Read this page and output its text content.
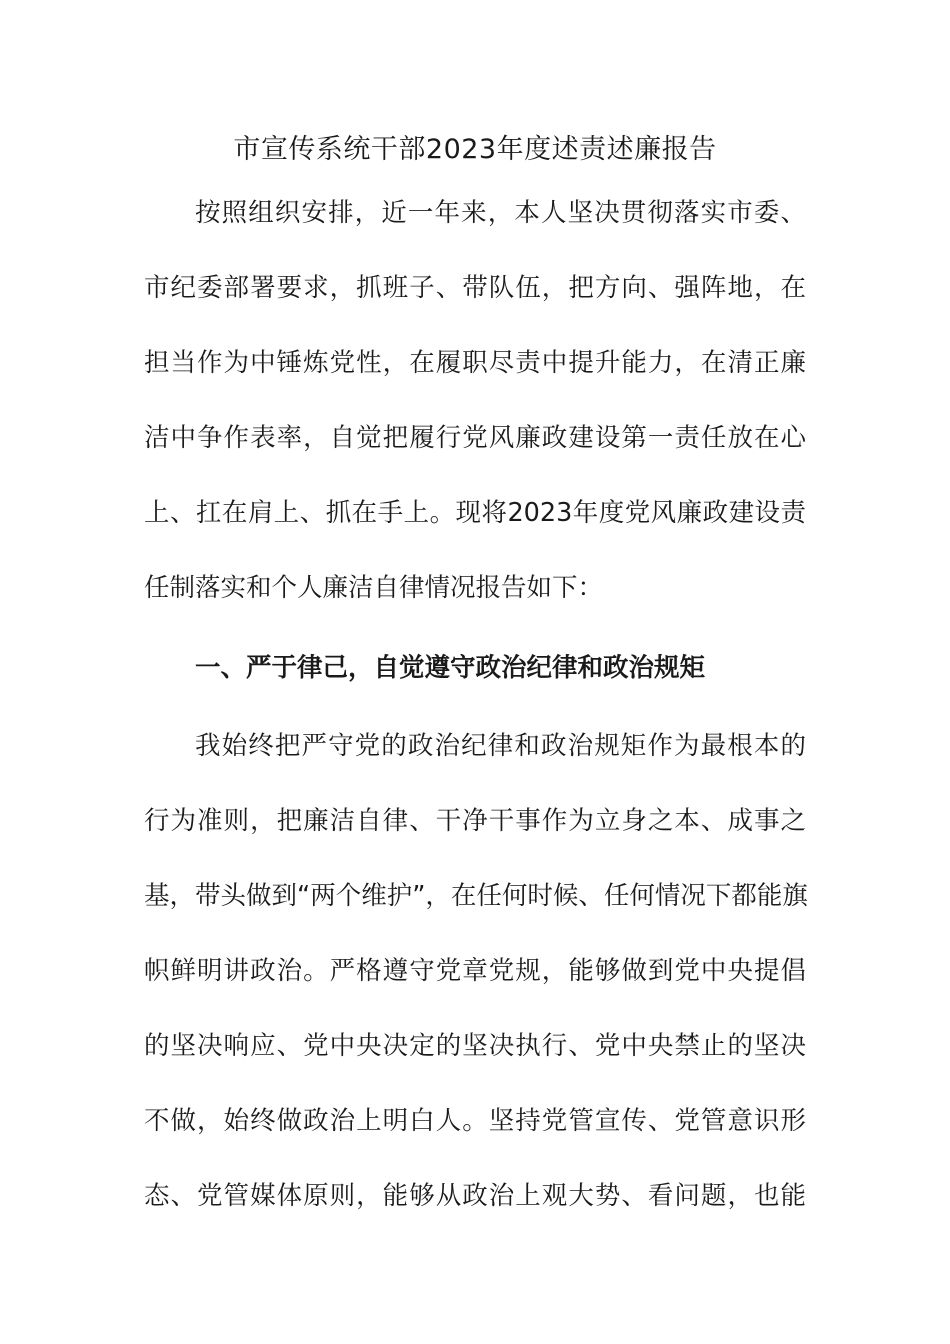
市宣传系统干部2023年度述责述廉报告
按照组织安排，近一年来，本人坚决贯彻落实市委、
市纪委部署要求，抓班子、带队伍，把方向、强阵地，在
担当作为中锤炼党性，在履职尽责中提升能力，在清正廉
洁中争作表率，自觉把履行党风廉政建设第一责任放在心
上、扛在肩上、抓在手上。现将2023年度党风廉政建设责
任制落实和个人廉洁自律情况报告如下：
一、严于律己，自觉遵守政治纪律和政治规矩
我始终把严守党的政治纪律和政治规矩作为最根本的
行为准则，把廉洁自律、干净干事作为立身之本、成事之
基，带头做到“两个维护”，在任何时候、任何情况下都能旗
帜鲜明讲政治。严格遵守党章党规，能够做到党中央提倡
的坚决响应、党中央决定的坚决执行、党中央禁止的坚决
不做，始终做政治上明白人。坚持党管宣传、党管意识形
态、党管媒体原则，能够从政治上观大势、看问题，也能
